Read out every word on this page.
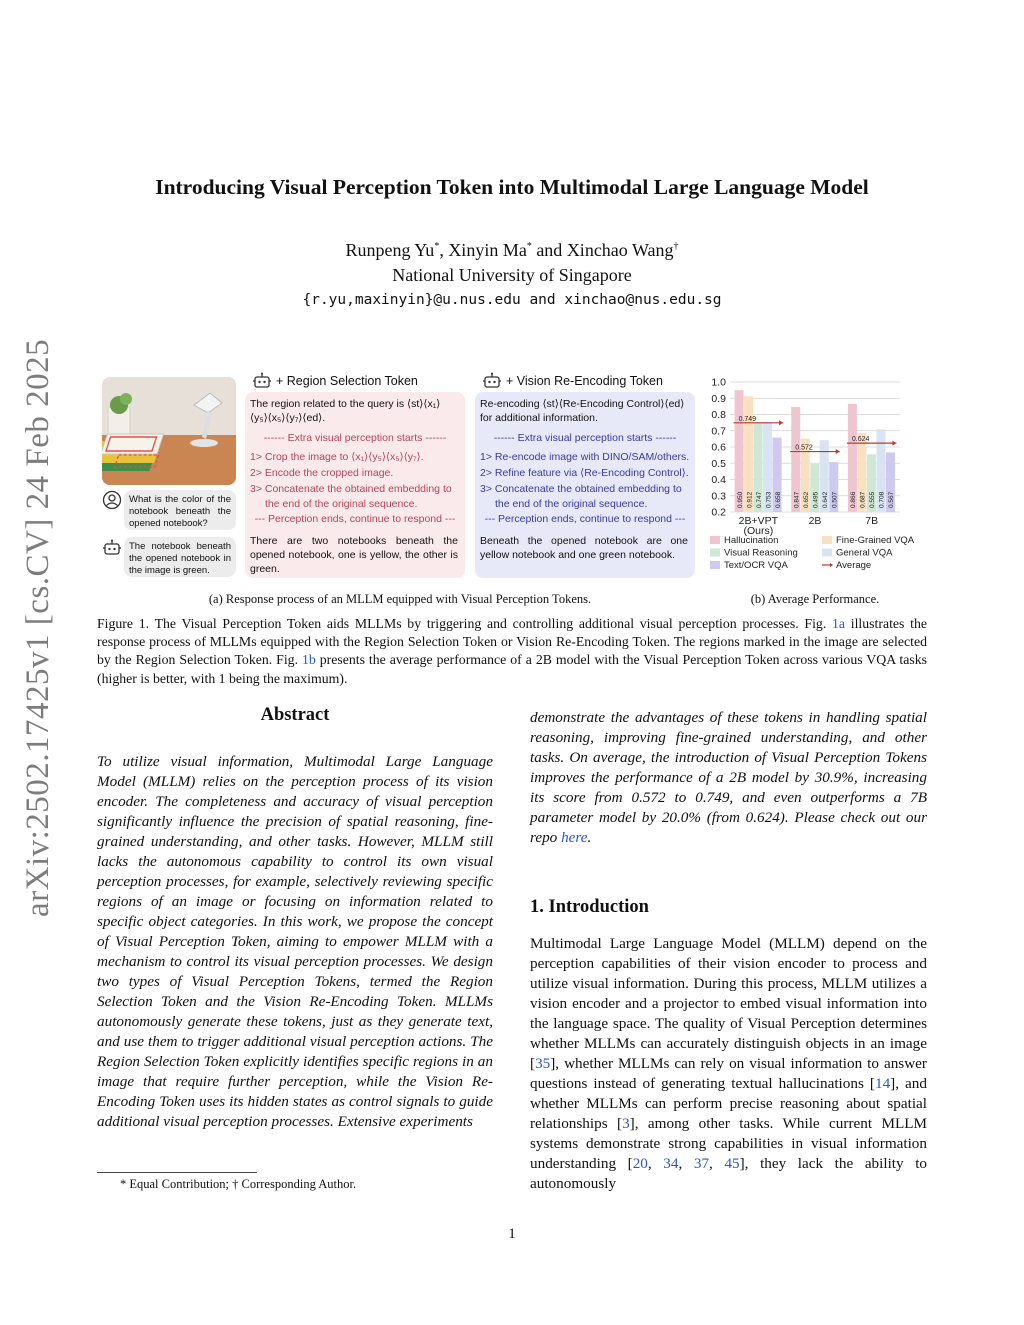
arXiv:2502.17425v1 [cs.CV] 24 Feb 2025
Introducing Visual Perception Token into Multimodal Large Language Model
Runpeng Yu*, Xinyin Ma* and Xinchao Wang†
National University of Singapore
{r.yu,maxinyin}@u.nus.edu and xinchao@nus.edu.sg
What is the color of the notebook beneath the opened notebook?
The notebook beneath the opened notebook in the image is green.
+ Region Selection Token
The region related to the query is ⟨st⟩⟨x₁⟩
⟨y₅⟩⟨x₅⟩⟨y₇⟩⟨ed⟩.
------ Extra visual perception starts ------
1> Crop the image to ⟨x₁⟩⟨y₅⟩⟨x₅⟩⟨y₇⟩.
2> Encode the cropped image.
3> Concatenate the obtained embedding to
the end of the original sequence.
--- Perception ends, continue to respond ---
There are two notebooks beneath the opened notebook, one is yellow, the other is green.
+ Vision Re-Encoding Token
Re-encoding ⟨st⟩⟨Re-Encoding Control⟩⟨ed⟩
for additional information.
------ Extra visual perception starts ------
1> Re-encode image with DINO/SAM/others.
2> Refine feature via ⟨Re-Encoding Control⟩.
3> Concatenate the obtained embedding to
the end of the original sequence.
--- Perception ends, continue to respond ---
Beneath the opened notebook are one yellow notebook and one green notebook.
0.2
0.3
0.4
0.5
0.6
0.7
0.8
0.9
1.0
0.950 0.912 0.747 0.753 0.658
0.749
2B+VPT
(Ours)
0.847 0.652 0.495 0.642 0.507
0.572
2B
0.866 0.687 0.555 0.708 0.567
0.624
7B
Hallucination	Fine-Grained VQA
Visual Reasoning	General VQA
Text/OCR VQA	Average
(a) Response process of an MLLM equipped with Visual Perception Tokens.	(b) Average Performance.
Figure 1. The Visual Perception Token aids MLLMs by triggering and controlling additional visual perception processes. Fig. 1a illustrates the response process of MLLMs equipped with the Region Selection Token or Vision Re-Encoding Token. The regions marked in the image are selected by the Region Selection Token. Fig. 1b presents the average performance of a 2B model with the Visual Perception Token across various VQA tasks (higher is better, with 1 being the maximum).
Abstract
To utilize visual information, Multimodal Large Language Model (MLLM) relies on the perception process of its vision encoder. The completeness and accuracy of visual perception significantly influence the precision of spatial reasoning, fine-grained understanding, and other tasks. However, MLLM still lacks the autonomous capability to control its own visual perception processes, for example, selectively reviewing specific regions of an image or focusing on information related to specific object categories. In this work, we propose the concept of Visual Perception Token, aiming to empower MLLM with a mechanism to control its visual perception processes. We design two types of Visual Perception Tokens, termed the Region Selection Token and the Vision Re-Encoding Token. MLLMs autonomously generate these tokens, just as they generate text, and use them to trigger additional visual perception actions. The Region Selection Token explicitly identifies specific regions in an image that require further perception, while the Vision Re-Encoding Token uses its hidden states as control signals to guide additional visual perception processes. Extensive experiments
demonstrate the advantages of these tokens in handling spatial reasoning, improving fine-grained understanding, and other tasks. On average, the introduction of Visual Perception Tokens improves the performance of a 2B model by 30.9%, increasing its score from 0.572 to 0.749, and even outperforms a 7B parameter model by 20.0% (from 0.624). Please check out our repo here.
1. Introduction
Multimodal Large Language Model (MLLM) depend on the perception capabilities of their vision encoder to process and utilize visual information. During this process, MLLM utilizes a vision encoder and a projector to embed visual information into the language space. The quality of Visual Perception determines whether MLLMs can accurately distinguish objects in an image [35], whether MLLMs can rely on visual information to answer questions instead of generating textual hallucinations [14], and whether MLLMs can perform precise reasoning about spatial relationships [3], among other tasks. While current MLLM systems demonstrate strong capabilities in visual information understanding [20, 34, 37, 45], they lack the ability to autonomously
* Equal Contribution; † Corresponding Author.
1
